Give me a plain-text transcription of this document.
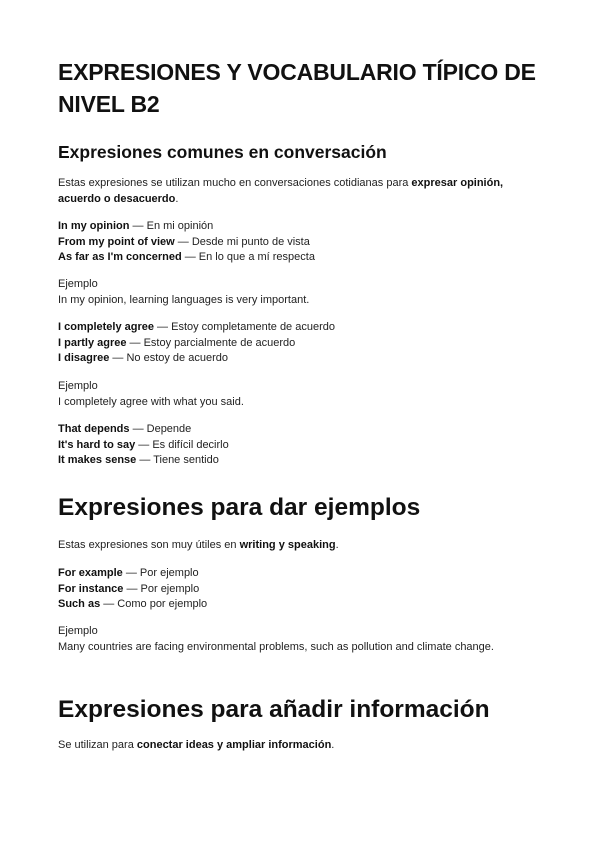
EXPRESIONES Y VOCABULARIO TÍPICO DE NIVEL B2
Expresiones comunes en conversación

Estas expresiones se utilizan mucho en conversaciones cotidianas para expresar opinión, acuerdo o desacuerdo.

In my opinion — En mi opinión
From my point of view — Desde mi punto de vista
As far as I'm concerned — En lo que a mí respecta

Ejemplo
In my opinion, learning languages is very important.

I completely agree — Estoy completamente de acuerdo
I partly agree — Estoy parcialmente de acuerdo
I disagree — No estoy de acuerdo

Ejemplo
I completely agree with what you said.

That depends — Depende
It's hard to say — Es difícil decirlo
It makes sense — Tiene sentido

Expresiones para dar ejemplos

Estas expresiones son muy útiles en writing y speaking.

For example — Por ejemplo
For instance — Por ejemplo
Such as — Como por ejemplo

Ejemplo
Many countries are facing environmental problems, such as pollution and climate change.

Expresiones para añadir información

Se utilizan para conectar ideas y ampliar información.
